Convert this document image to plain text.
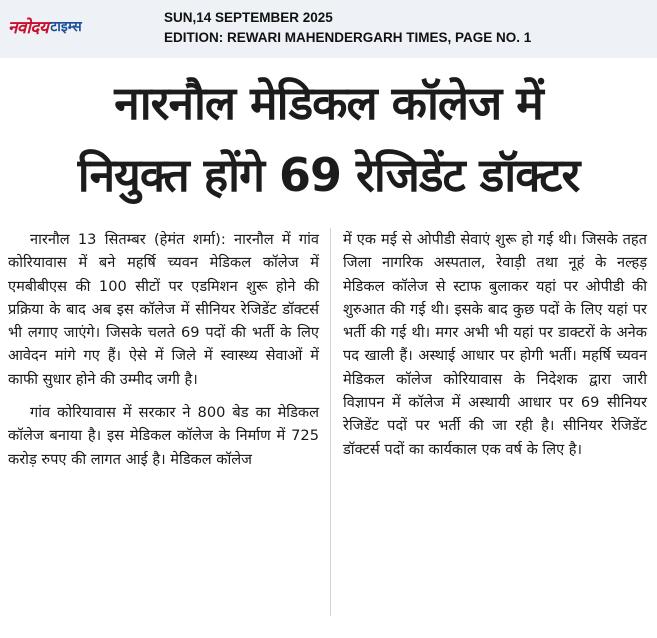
नवोदय टाइम्स
SUN,14 SEPTEMBER 2025
EDITION: REWARI MAHENDERGARH TIMES, PAGE NO. 1
नारनौल मेडिकल कॉलेज में
नियुक्त होंगे 69 रेजिडेंट डॉक्टर

नारनौल 13 सितम्बर (हेमंत शर्मा): नारनौल में गांव कोरियावास में बने महर्षि च्यवन मेडिकल कॉलेज में एमबीबीएस की 100 सीटों पर एडमिशन शुरू होने की प्रक्रिया के बाद अब इस कॉलेज में सीनियर रेजिडेंट डॉक्टर्स भी लगाए जाएंगे। जिसके चलते 69 पदों की भर्ती के लिए आवेदन मांगे गए हैं। ऐसे में जिले में स्वास्थ्य सेवाओं में काफी सुधार होने की उम्मीद जगी है।

गांव कोरियावास में सरकार ने 800 बेड का मेडिकल कॉलेज बनाया है। इस मेडिकल कॉलेज के निर्माण में 725 करोड़ रुपए की लागत आई है। मेडिकल कॉलेज

में एक मई से ओपीडी सेवाएं शुरू हो गई थी। जिसके तहत जिला नागरिक अस्पताल, रेवाड़ी तथा नूहं के नल्हड़ मेडिकल कॉलेज से स्टाफ बुलाकर यहां पर ओपीडी की शुरुआत की गई थी। इसके बाद कुछ पदों के लिए यहां पर भर्ती की गई थी। मगर अभी भी यहां पर डाक्टरों के अनेक पद खाली हैं। अस्थाई आधार पर होगी भर्ती। महर्षि च्यवन मेडिकल कॉलेज कोरियावास के निदेशक द्वारा जारी विज्ञापन में कॉलेज में अस्थायी आधार पर 69 सीनियर रेजिडेंट पदों पर भर्ती की जा रही है। सीनियर रेजिडेंट डॉक्टर्स पदों का कार्यकाल एक वर्ष के लिए है।
